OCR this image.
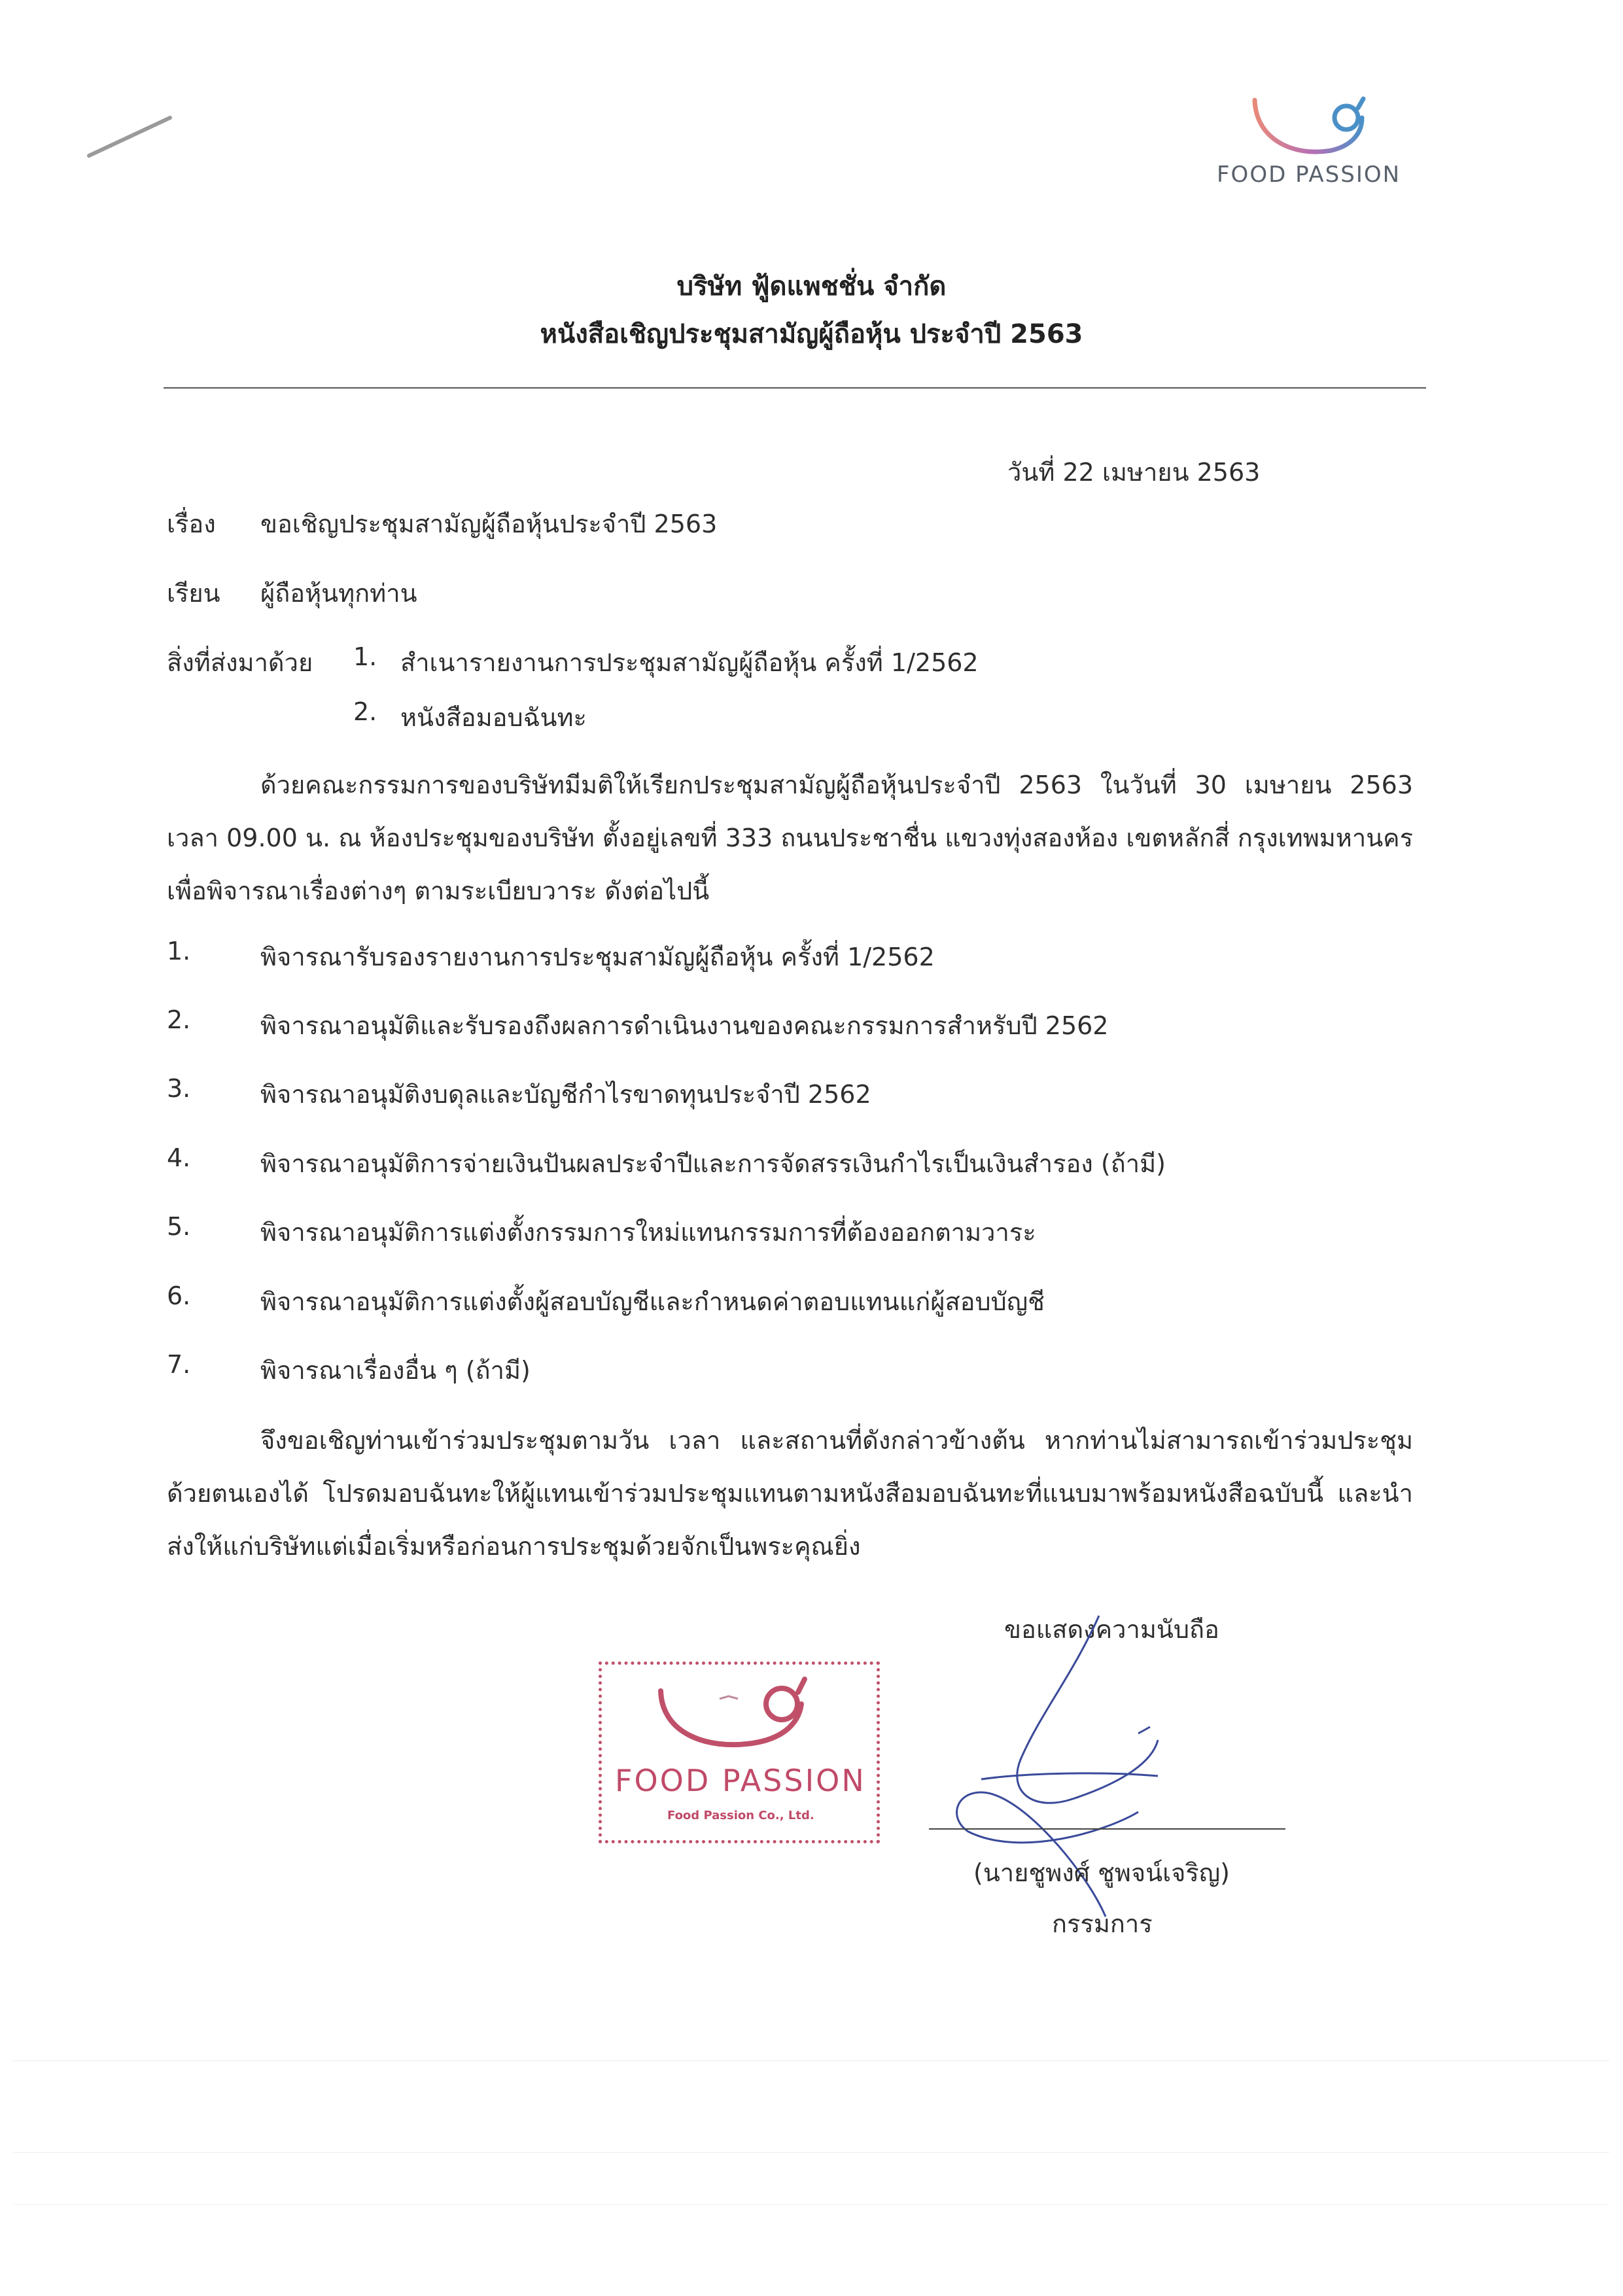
FOOD PASSION
บริษัท ฟู้ดแพชชั่น จำกัด
หนังสือเชิญประชุมสามัญผู้ถือหุ้น ประจำปี 2563
วันที่ 22 เมษายน 2563
เรื่อง ขอเชิญประชุมสามัญผู้ถือหุ้นประจำปี 2563
เรียน ผู้ถือหุ้นทุกท่าน
สิ่งที่ส่งมาด้วย 1. สำเนารายงานการประชุมสามัญผู้ถือหุ้น ครั้งที่ 1/2562
2. หนังสือมอบฉันทะ
ด้วยคณะกรรมการของบริษัทมีมติให้เรียกประชุมสามัญผู้ถือหุ้นประจำปี 2563 ในวันที่ 30 เมษายน 2563 เวลา 09.00 น. ณ ห้องประชุมของบริษัท ตั้งอยู่เลขที่ 333 ถนนประชาชื่น แขวงทุ่งสองห้อง เขตหลักสี่ กรุงเทพมหานคร เพื่อพิจารณาเรื่องต่างๆ ตามระเบียบวาระ ดังต่อไปนี้
1.	พิจารณารับรองรายงานการประชุมสามัญผู้ถือหุ้น ครั้งที่ 1/2562
2.	พิจารณาอนุมัติและรับรองถึงผลการดำเนินงานของคณะกรรมการสำหรับปี 2562
3.	พิจารณาอนุมัติงบดุลและบัญชีกำไรขาดทุนประจำปี 2562
4.	พิจารณาอนุมัติการจ่ายเงินปันผลประจำปีและการจัดสรรเงินกำไรเป็นเงินสำรอง (ถ้ามี)
5.	พิจารณาอนุมัติการแต่งตั้งกรรมการใหม่แทนกรรมการที่ต้องออกตามวาระ
6.	พิจารณาอนุมัติการแต่งตั้งผู้สอบบัญชีและกำหนดค่าตอบแทนแก่ผู้สอบบัญชี
7.	พิจารณาเรื่องอื่น ๆ (ถ้ามี)
จึงขอเชิญท่านเข้าร่วมประชุมตามวัน เวลา และสถานที่ดังกล่าวข้างต้น หากท่านไม่สามารถเข้าร่วมประชุมด้วยตนเองได้ โปรดมอบฉันทะให้ผู้แทนเข้าร่วมประชุมแทนตามหนังสือมอบฉันทะที่แนบมาพร้อมหนังสือฉบับนี้ และนำส่งให้แก่บริษัทแต่เมื่อเริ่มหรือก่อนการประชุมด้วยจักเป็นพระคุณยิ่ง
ขอแสดงความนับถือ
FOOD PASSION
Food Passion Co., Ltd.
(นายชูพงศ์ ชูพจน์เจริญ)
กรรมการ
